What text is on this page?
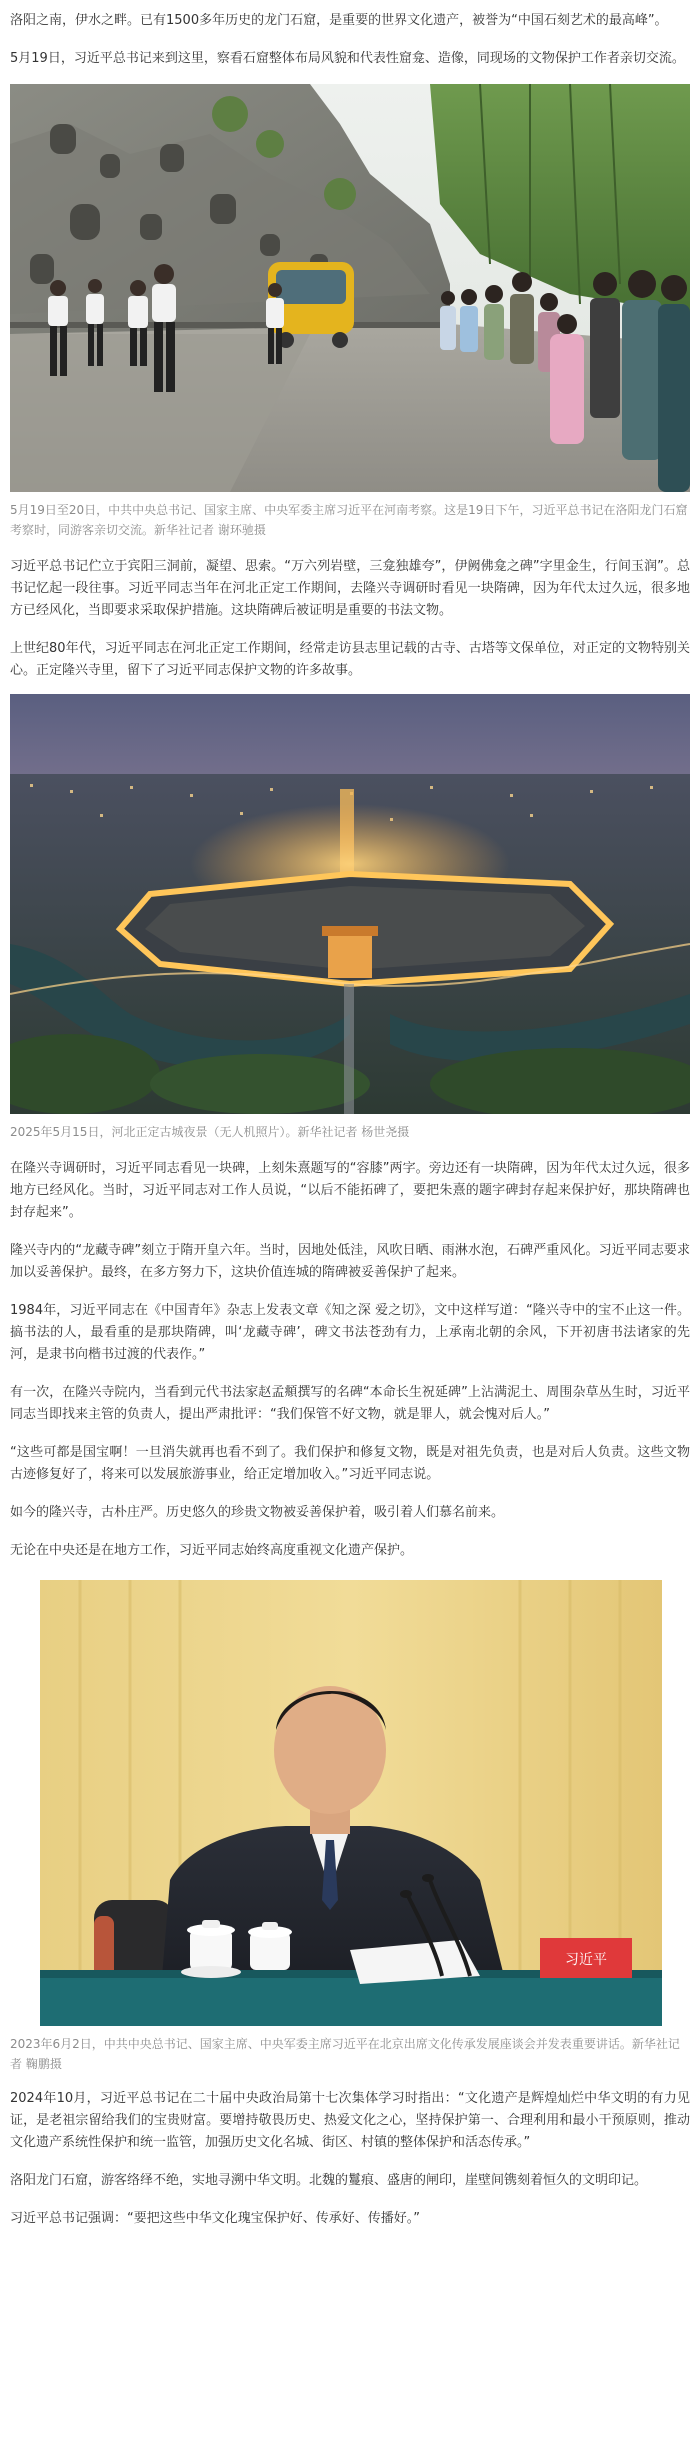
洛阳之南，伊水之畔。已有1500多年历史的龙门石窟，是重要的世界文化遗产，被誉为“中国石刻艺术的最高峰”。

5月19日，习近平总书记来到这里，察看石窟整体布局风貌和代表性窟龛、造像，同现场的文物保护工作者亲切交流。

5月19日至20日，中共中央总书记、国家主席、中央军委主席习近平在河南考察。这是19日下午，习近平总书记在洛阳龙门石窟考察时，同游客亲切交流。新华社记者 谢环驰摄

习近平总书记伫立于宾阳三洞前，凝望、思索。“万六列岩壁，三龛独雄夸”，伊阙佛龛之碑”字里金生，行间玉润”。总书记忆起一段往事。习近平同志当年在河北正定工作期间，去隆兴寺调研时看见一块隋碑，因为年代太过久远，很多地方已经风化，当即要求采取保护措施。这块隋碑后被证明是重要的书法文物。

上世纪80年代，习近平同志在河北正定工作期间，经常走访县志里记载的古寺、古塔等文保单位，对正定的文物特别关心。正定隆兴寺里，留下了习近平同志保护文物的许多故事。

2025年5月15日，河北正定古城夜景（无人机照片）。新华社记者 杨世尧摄

在隆兴寺调研时，习近平同志看见一块碑，上刻朱熹题写的“容膝”两字。旁边还有一块隋碑，因为年代太过久远，很多地方已经风化。当时，习近平同志对工作人员说，“以后不能拓碑了，要把朱熹的题字碑封存起来保护好，那块隋碑也封存起来”。

隆兴寺内的“龙藏寺碑”刻立于隋开皇六年。当时，因地处低洼，风吹日晒、雨淋水泡，石碑严重风化。习近平同志要求加以妥善保护。最终，在多方努力下，这块价值连城的隋碑被妥善保护了起来。

1984年，习近平同志在《中国青年》杂志上发表文章《知之深 爱之切》，文中这样写道：“隆兴寺中的宝不止这一件。搞书法的人，最看重的是那块隋碑，叫‘龙藏寺碑’，碑文书法苍劲有力，上承南北朝的余风，下开初唐书法诸家的先河，是隶书向楷书过渡的代表作。”

有一次，在隆兴寺院内，当看到元代书法家赵孟頫撰写的名碑“本命长生祝延碑”上沾满泥土、周围杂草丛生时，习近平同志当即找来主管的负责人，提出严肃批评：“我们保管不好文物，就是罪人，就会愧对后人。”

“这些可都是国宝啊！一旦消失就再也看不到了。我们保护和修复文物，既是对祖先负责，也是对后人负责。这些文物古迹修复好了，将来可以发展旅游事业，给正定增加收入。”习近平同志说。

如今的隆兴寺，古朴庄严。历史悠久的珍贵文物被妥善保护着，吸引着人们慕名前来。

无论在中央还是在地方工作，习近平同志始终高度重视文化遗产保护。

习近平

2023年6月2日，中共中央总书记、国家主席、中央军委主席习近平在北京出席文化传承发展座谈会并发表重要讲话。新华社记者 鞠鹏摄

2024年10月，习近平总书记在二十届中央政治局第十七次集体学习时指出：“文化遗产是辉煌灿烂中华文明的有力见证，是老祖宗留给我们的宝贵财富。要增持敬畏历史、热爱文化之心，坚持保护第一、合理利用和最小干预原则，推动文化遗产系统性保护和统一监管，加强历史文化名城、街区、村镇的整体保护和活态传承。”

洛阳龙门石窟，游客络绎不绝，实地寻溯中华文明。北魏的鬘痕、盛唐的闸印，崖壁间镌刻着恒久的文明印记。

习近平总书记强调：“要把这些中华文化瑰宝保护好、传承好、传播好。”
